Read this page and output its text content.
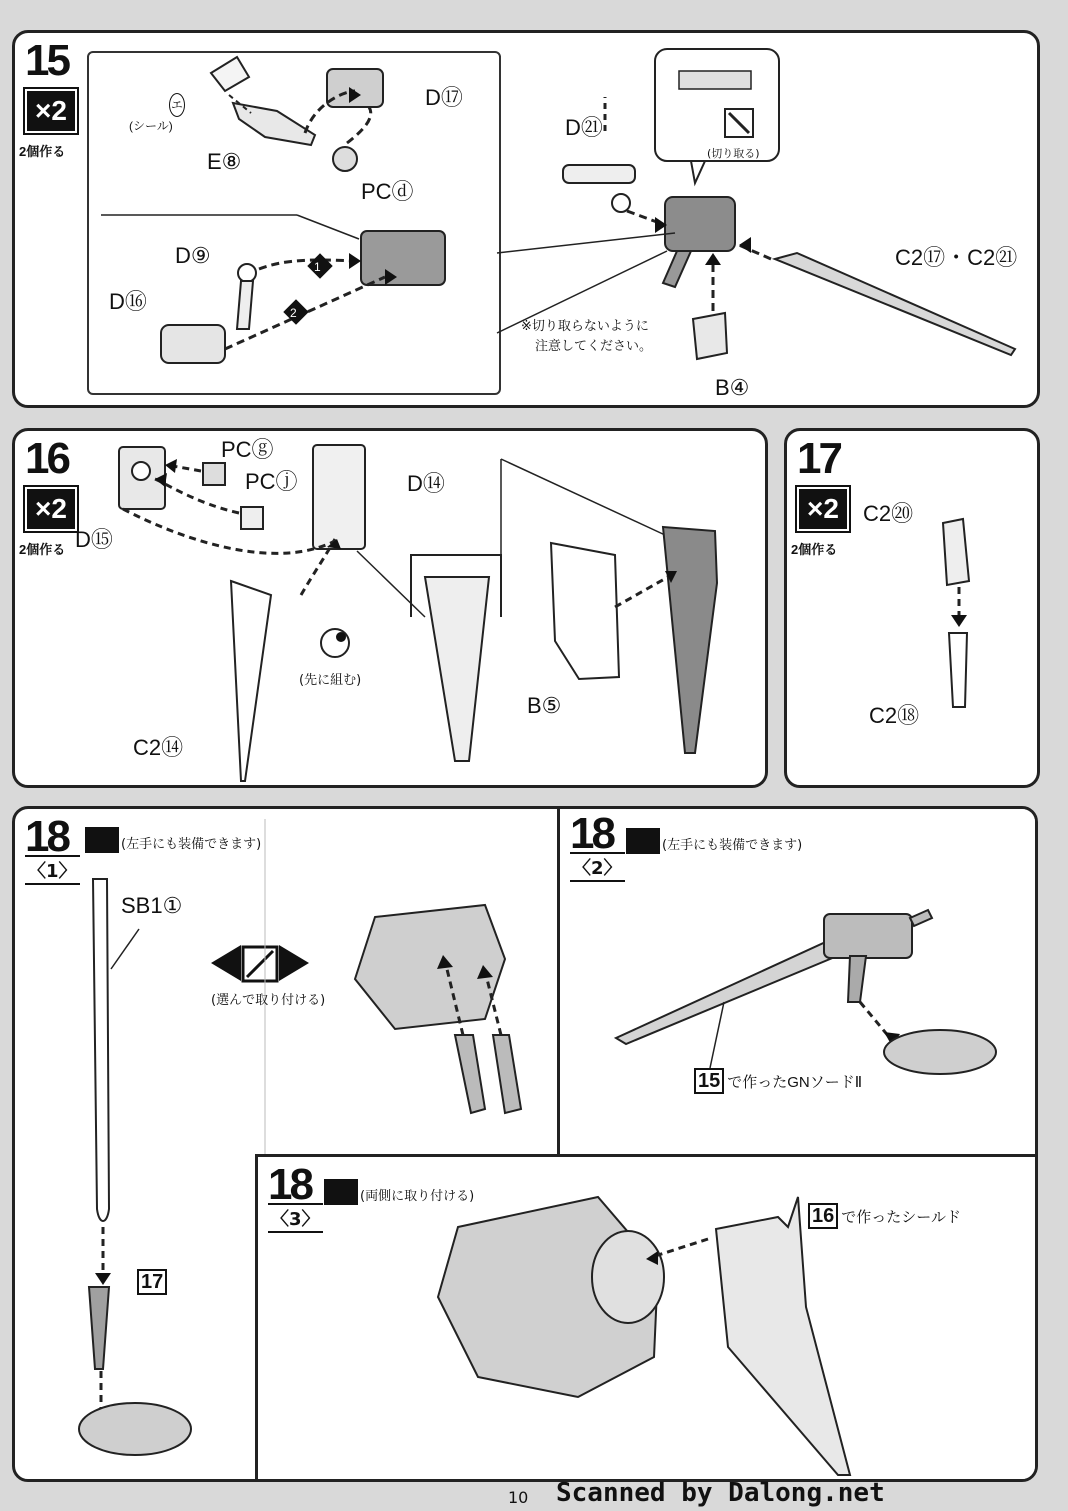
15
×2
2個作る
(シール)
エ	D⑰
E⑧
PCⓓ
D⑨
D⑯
1
2
D㉑
(切り取る)
C2⑰・C2㉑
※切り取らないように
注意してください。
B④
16
×2
2個作る
PCⓖ
PCⓙ	D⑭
D⑮
(先に組む)
C2⑭
B⑤
17
×2
2個作る
C2⑳
C2⑱
18
〈1〉
(左手にも装備できます)
SB1①
(選んで取り付ける)
17
18
〈2〉
(左手にも装備できます)
15 で作ったGNソードⅡ
18
〈3〉
(両側に取り付ける)
16 で作ったシールド
10 Scanned by Dalong.net
